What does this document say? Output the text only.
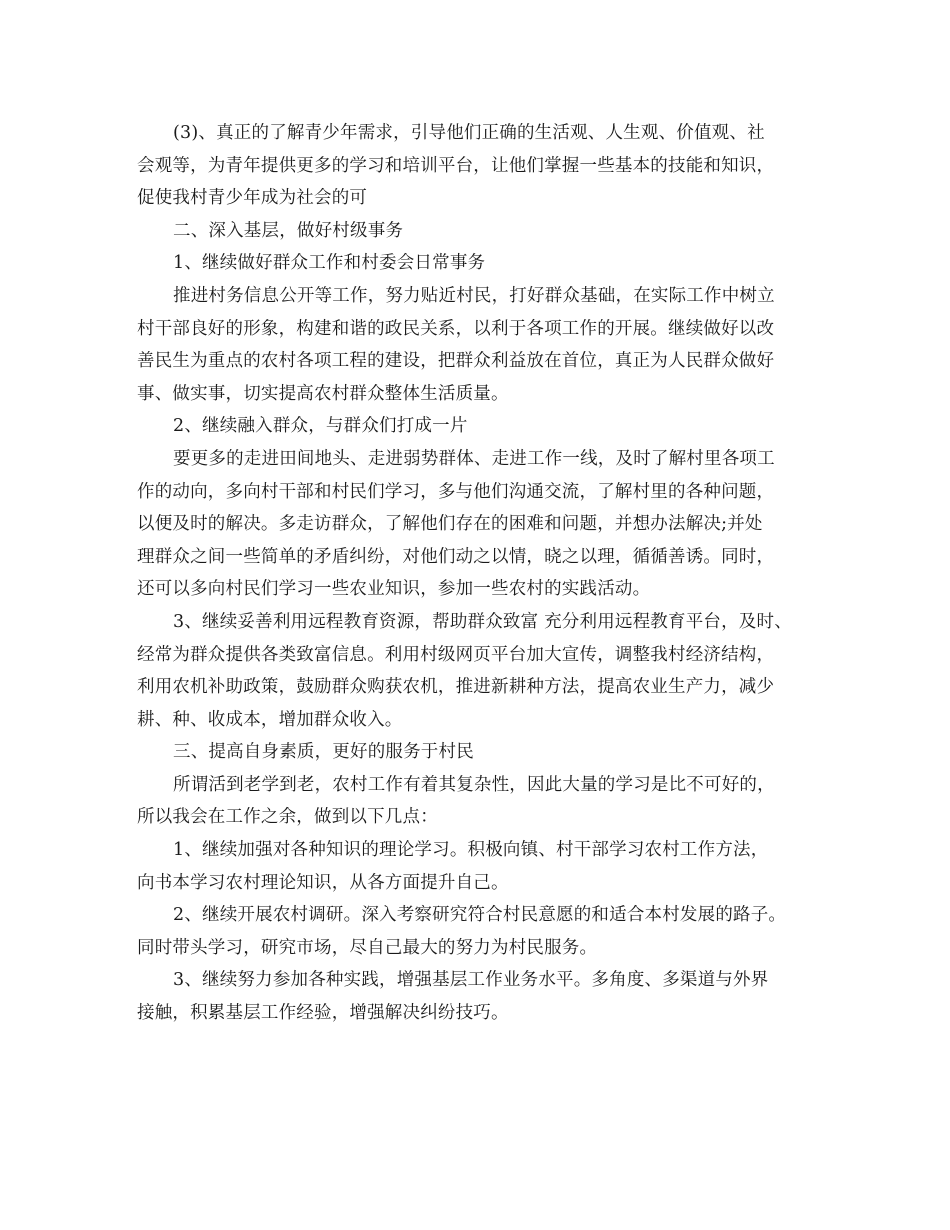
(3)、真正的了解青少年需求，引导他们正确的生活观、人生观、价值观、社
会观等，为青年提供更多的学习和培训平台，让他们掌握一些基本的技能和知识，
促使我村青少年成为社会的可
二、深入基层，做好村级事务
1、继续做好群众工作和村委会日常事务
推进村务信息公开等工作，努力贴近村民，打好群众基础，在实际工作中树立
村干部良好的形象，构建和谐的政民关系，以利于各项工作的开展。继续做好以改
善民生为重点的农村各项工程的建设，把群众利益放在首位，真正为人民群众做好
事、做实事，切实提高农村群众整体生活质量。
2、继续融入群众，与群众们打成一片
要更多的走进田间地头、走进弱势群体、走进工作一线，及时了解村里各项工
作的动向，多向村干部和村民们学习，多与他们沟通交流，了解村里的各种问题，
以便及时的解决。多走访群众，了解他们存在的困难和问题，并想办法解决;并处
理群众之间一些简单的矛盾纠纷，对他们动之以情，晓之以理，循循善诱。同时，
还可以多向村民们学习一些农业知识，参加一些农村的实践活动。
3、继续妥善利用远程教育资源，帮助群众致富 充分利用远程教育平台，及时、
经常为群众提供各类致富信息。利用村级网页平台加大宣传，调整我村经济结构，
利用农机补助政策，鼓励群众购获农机，推进新耕种方法，提高农业生产力，减少
耕、种、收成本，增加群众收入。
三、提高自身素质，更好的服务于村民
所谓活到老学到老，农村工作有着其复杂性，因此大量的学习是比不可好的，
所以我会在工作之余，做到以下几点：
1、继续加强对各种知识的理论学习。积极向镇、村干部学习农村工作方法，
向书本学习农村理论知识，从各方面提升自己。
2、继续开展农村调研。深入考察研究符合村民意愿的和适合本村发展的路子。
同时带头学习，研究市场，尽自己最大的努力为村民服务。
3、继续努力参加各种实践，增强基层工作业务水平。多角度、多渠道与外界
接触，积累基层工作经验，增强解决纠纷技巧。
